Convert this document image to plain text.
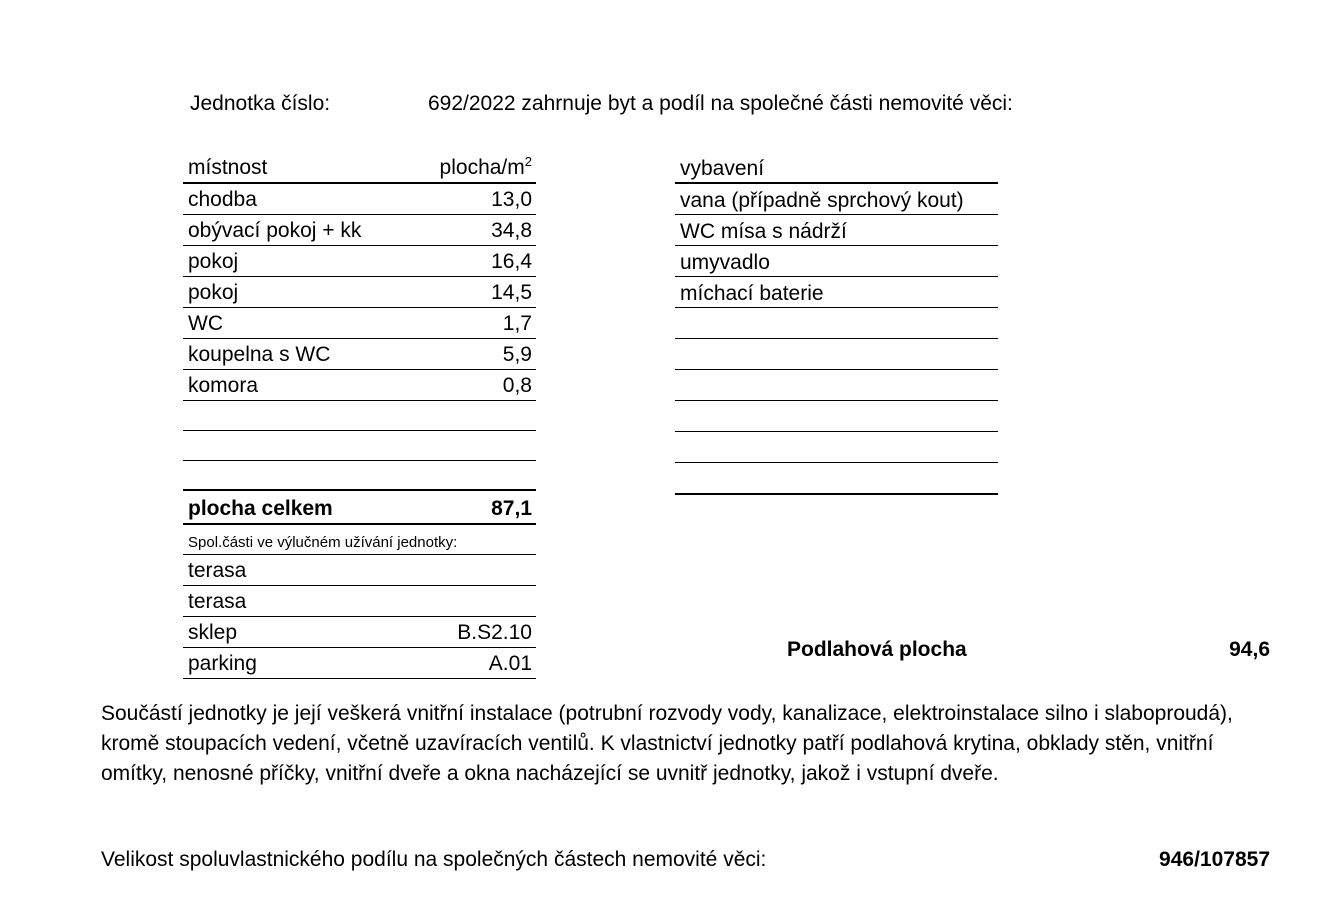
Jednotka číslo:	692/2022 zahrnuje byt a podíl na společné části nemovité věci:
místnost	plocha/$m^2$
chodba	13,0
obývací pokoj + kk	34,8
pokoj	16,4
pokoj	14,5
WC	1,7
koupelna s WC	5,9
komora	0,8
plocha celkem	87,1
Spol.části ve výlučném užívání jednotky:
terasa
terasa
sklep	B.S2.10
parking	A.01
vybavení
vana (případně sprchový kout)
WC mísa s nádrží
umyvadlo
míchací baterie
Podlahová plocha	94,6
Součástí jednotky je její veškerá vnitřní instalace (potrubní rozvody vody, kanalizace, elektroinstalace silno i slaboproudá), kromě stoupacích vedení, včetně uzavíracích ventilů. K vlastnictví jednotky patří podlahová krytina, obklady stěn, vnitřní omítky, nenosné příčky, vnitřní dveře a okna nacházející se uvnitř jednotky, jakož i vstupní dveře.
Velikost spoluvlastnického podílu na společných částech nemovité věci:	946/107857
